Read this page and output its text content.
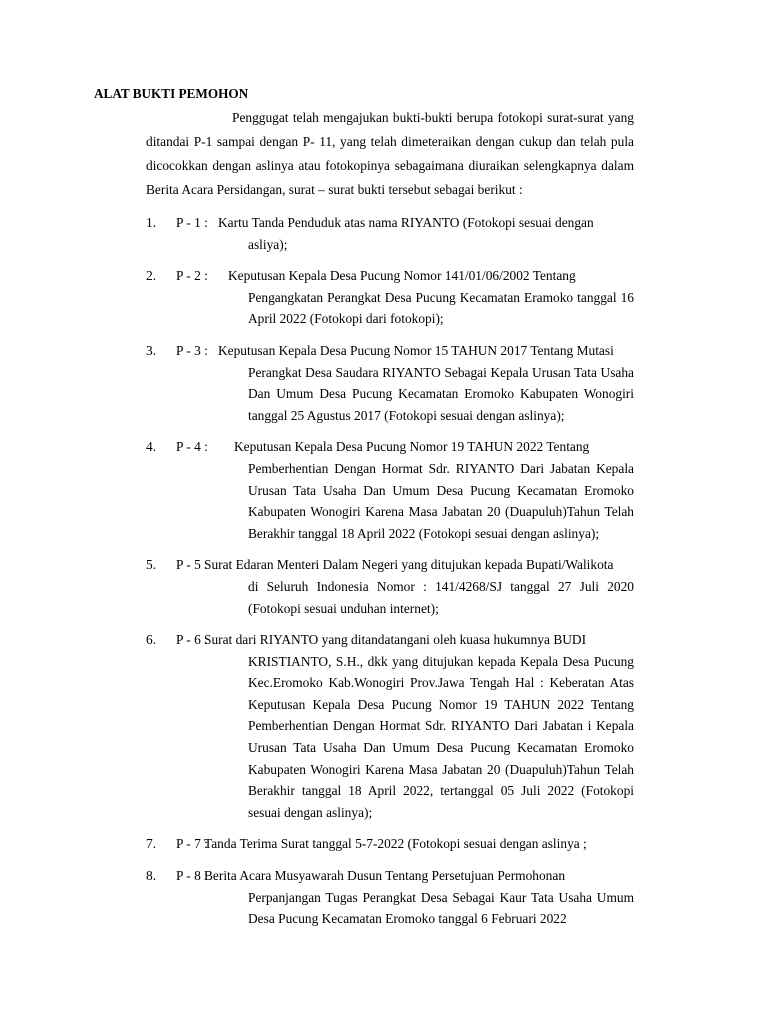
ALAT BUKTI PEMOHON
Penggugat telah mengajukan bukti-bukti berupa fotokopi surat-surat yang ditandai P-1 sampai dengan P- 11, yang telah dimeteraikan dengan cukup dan telah pula dicocokkan dengan aslinya atau fotokopinya sebagaimana diuraikan selengkapnya dalam Berita Acara Persidangan, surat – surat bukti tersebut sebagai berikut :
1. P - 1 : Kartu Tanda Penduduk atas nama RIYANTO (Fotokopi sesuai dengan
asliya);
2. P - 2 : Keputusan Kepala Desa Pucung Nomor 141/01/06/2002 Tentang
Pengangkatan Perangkat Desa Pucung Kecamatan Eramoko tanggal 16 April 2022 (Fotokopi dari fotokopi);
3. P - 3 : Keputusan Kepala Desa Pucung Nomor 15 TAHUN 2017 Tentang Mutasi
Perangkat Desa Saudara RIYANTO Sebagai Kepala Urusan Tata Usaha Dan Umum Desa Pucung Kecamatan Eromoko Kabupaten Wonogiri tanggal 25 Agustus 2017 (Fotokopi sesuai dengan aslinya);
4. P - 4 : Keputusan Kepala Desa Pucung Nomor 19 TAHUN 2022 Tentang
Pemberhentian Dengan Hormat Sdr. RIYANTO Dari Jabatan Kepala Urusan Tata Usaha Dan Umum Desa Pucung Kecamatan Eromoko Kabupaten Wonogiri Karena Masa Jabatan 20 (Duapuluh)Tahun Telah Berakhir tanggal 18 April 2022 (Fotokopi sesuai dengan aslinya);
5. P - 5 :
Surat Edaran Menteri Dalam Negeri yang ditujukan kepada Bupati/Walikota
di Seluruh Indonesia Nomor : 141/4268/SJ tanggal 27 Juli 2020 (Fotokopi sesuai unduhan internet);
6. P - 6 :
Surat dari RIYANTO yang ditandatangani oleh kuasa hukumnya BUDI
KRISTIANTO, S.H., dkk yang ditujukan kepada Kepala Desa Pucung Kec.Eromoko Kab.Wonogiri Prov.Jawa Tengah Hal : Keberatan Atas Keputusan Kepala Desa Pucung Nomor 19 TAHUN 2022 Tentang Pemberhentian Dengan Hormat Sdr. RIYANTO Dari Jabatan i Kepala Urusan Tata Usaha Dan Umum Desa Pucung Kecamatan Eromoko Kabupaten Wonogiri Karena Masa Jabatan 20 (Duapuluh)Tahun Telah Berakhir tanggal 18 April 2022, tertanggal 05 Juli 2022 (Fotokopi sesuai dengan aslinya);
7. P - 7 :
Tanda Terima Surat tanggal 5-7-2022 (Fotokopi sesuai dengan aslinya ;
8. P - 8 :
Berita Acara Musyawarah Dusun Tentang Persetujuan Permohonan
Perpanjangan Tugas Perangkat Desa Sebagai Kaur Tata Usaha Umum Desa Pucung Kecamatan Eromoko tanggal 6 Februari 2022
